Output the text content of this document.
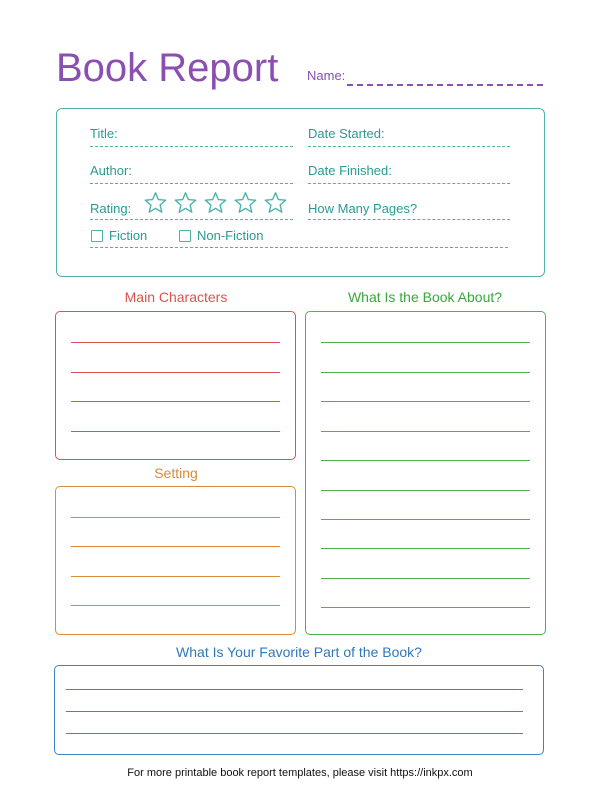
Book Report Name:
Title:
Author:
Rating:
Date Started:
Date Finished:
How Many Pages?
Fiction	Non-Fiction
Main Characters
Setting
What Is the Book About?
What Is Your Favorite Part of the Book?
For more printable book report templates, please visit https://inkpx.com
